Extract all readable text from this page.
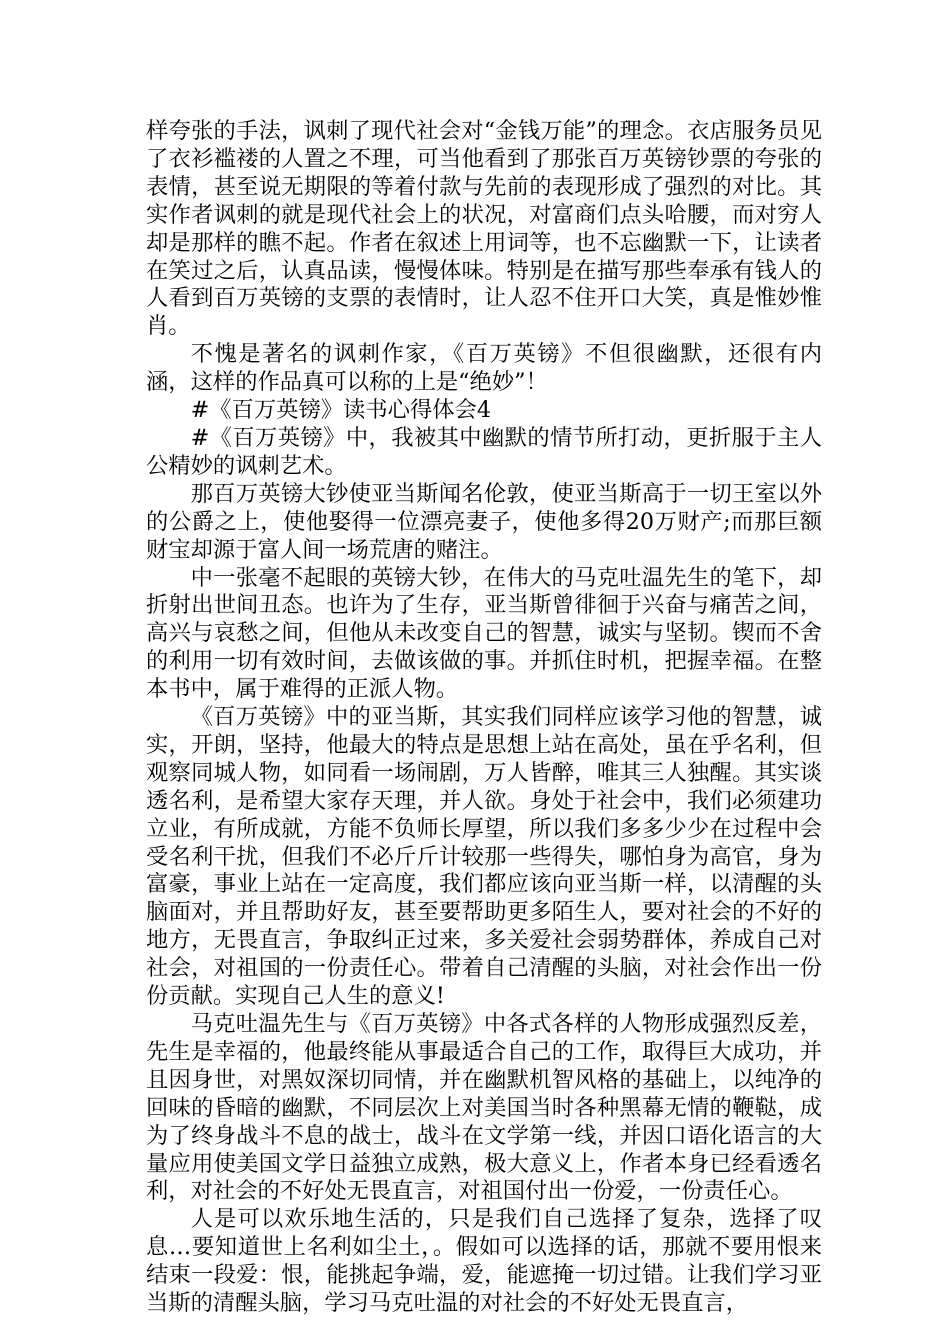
样夸张的手法，讽刺了现代社会对“金钱万能”的理念。衣店服务员见了衣衫褴褛的人置之不理，可当他看到了那张百万英镑钞票的夸张的表情，甚至说无期限的等着付款与先前的表现形成了强烈的对比。其实作者讽刺的就是现代社会上的状况，对富商们点头哈腰，而对穷人却是那样的瞧不起。作者在叙述上用词等，也不忘幽默一下，让读者在笑过之后，认真品读，慢慢体味。特别是在描写那些奉承有钱人的人看到百万英镑的支票的表情时，让人忍不住开口大笑，真是惟妙惟肖。

不愧是著名的讽刺作家，《百万英镑》不但很幽默，还很有内涵，这样的作品真可以称的上是“绝妙”！

#《百万英镑》读书心得体会4

#《百万英镑》中，我被其中幽默的情节所打动，更折服于主人公精妙的讽刺艺术。

那百万英镑大钞使亚当斯闻名伦敦，使亚当斯高于一切王室以外的公爵之上，使他娶得一位漂亮妻子，使他多得20万财产;而那巨额财宝却源于富人间一场荒唐的赌注。

中一张毫不起眼的英镑大钞，在伟大的马克吐温先生的笔下，却折射出世间丑态。也许为了生存，亚当斯曾徘徊于兴奋与痛苦之间，高兴与哀愁之间，但他从未改变自己的智慧，诚实与坚韧。锲而不舍的利用一切有效时间，去做该做的事。并抓住时机，把握幸福。在整本书中，属于难得的正派人物。

《百万英镑》中的亚当斯，其实我们同样应该学习他的智慧，诚实，开朗，坚持，他最大的特点是思想上站在高处，虽在乎名利，但观察同城人物，如同看一场闹剧，万人皆醉，唯其三人独醒。其实谈透名利，是希望大家存天理，并人欲。身处于社会中，我们必须建功立业，有所成就，方能不负师长厚望，所以我们多多少少在过程中会受名利干扰，但我们不必斤斤计较那一些得失，哪怕身为高官，身为富豪，事业上站在一定高度，我们都应该向亚当斯一样，以清醒的头脑面对，并且帮助好友，甚至要帮助更多陌生人，要对社会的不好的地方，无畏直言，争取纠正过来，多关爱社会弱势群体，养成自己对社会，对祖国的一份责任心。带着自己清醒的头脑，对社会作出一份份贡献。实现自己人生的意义!

马克吐温先生与《百万英镑》中各式各样的人物形成强烈反差，先生是幸福的，他最终能从事最适合自己的工作，取得巨大成功，并且因身世，对黑奴深切同情，并在幽默机智风格的基础上，以纯净的回味的昏暗的幽默，不同层次上对美国当时各种黑幕无情的鞭鞑，成为了终身战斗不息的战士，战斗在文学第一线，并因口语化语言的大量应用使美国文学日益独立成熟，极大意义上，作者本身已经看透名利，对社会的不好处无畏直言，对祖国付出一份爱，一份责任心。

人是可以欢乐地生活的，只是我们自己选择了复杂，选择了叹息…要知道世上名利如尘土，。假如可以选择的话，那就不要用恨来结束一段爱：恨，能挑起争端，爱，能遮掩一切过错。让我们学习亚当斯的清醒头脑，学习马克吐温的对社会的不好处无畏直言，
